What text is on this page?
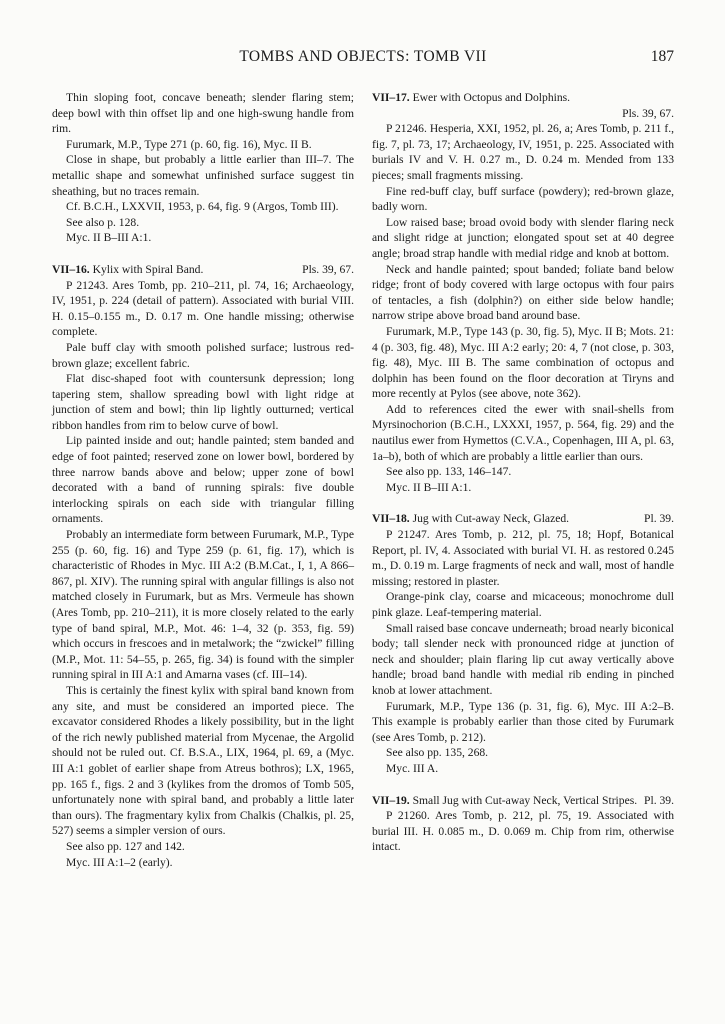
TOMBS AND OBJECTS: TOMB VII	187

Thin sloping foot, concave beneath; slender flaring stem; deep bowl with thin offset lip and one high-swung handle from rim.

Furumark, M.P., Type 271 (p. 60, fig. 16), Myc. II B.

Close in shape, but probably a little earlier than III–7. The metallic shape and somewhat unfinished surface suggest tin sheathing, but no traces remain.

Cf. B.C.H., LXXVII, 1953, p. 64, fig. 9 (Argos, Tomb III).

See also p. 128.

Myc. II B–III A:1.

Pls. 39, 67.
VII–16. Kylix with Spiral Band.

P 21243. Ares Tomb, pp. 210–211, pl. 74, 16; Archaeology, IV, 1951, p. 224 (detail of pattern). Associated with burial VIII. H. 0.15–0.155 m., D. 0.17 m. One handle missing; otherwise complete.

Pale buff clay with smooth polished surface; lustrous red-brown glaze; excellent fabric.

Flat disc-shaped foot with countersunk depression; long tapering stem, shallow spreading bowl with light ridge at junction of stem and bowl; thin lip lightly outturned; vertical ribbon handles from rim to below curve of bowl.

Lip painted inside and out; handle painted; stem banded and edge of foot painted; reserved zone on lower bowl, bordered by three narrow bands above and below; upper zone of bowl decorated with a band of running spirals: five double interlocking spirals on each side with triangular filling ornaments.

Probably an intermediate form between Furumark, M.P., Type 255 (p. 60, fig. 16) and Type 259 (p. 61, fig. 17), which is characteristic of Rhodes in Myc. III A:2 (B.M.Cat., I, 1, A 866–867, pl. XIV). The running spiral with angular fillings is also not matched closely in Furumark, but as Mrs. Vermeule has shown (Ares Tomb, pp. 210–211), it is more closely related to the early type of band spiral, M.P., Mot. 46: 1–4, 32 (p. 353, fig. 59) which occurs in frescoes and in metalwork; the “zwickel” filling (M.P., Mot. 11: 54–55, p. 265, fig. 34) is found with the simpler running spiral in III A:1 and Amarna vases (cf. III–14).

This is certainly the finest kylix with spiral band known from any site, and must be considered an imported piece. The excavator considered Rhodes a likely possibility, but in the light of the rich newly published material from Mycenae, the Argolid should not be ruled out. Cf. B.S.A., LIX, 1964, pl. 69, a (Myc. III A:1 goblet of earlier shape from Atreus bothros); LX, 1965, pp. 165 f., figs. 2 and 3 (kylikes from the dromos of Tomb 505, unfortunately none with spiral band, and probably a little later than ours). The fragmentary kylix from Chalkis (Chalkis, pl. 25, 527) seems a simpler version of ours.

See also pp. 127 and 142.

Myc. III A:1–2 (early).

VII–17. Ewer with Octopus and Dolphins.

Pls. 39, 67.

P 21246. Hesperia, XXI, 1952, pl. 26, a; Ares Tomb, p. 211 f., fig. 7, pl. 73, 17; Archaeology, IV, 1951, p. 225. Associated with burials IV and V. H. 0.27 m., D. 0.24 m. Mended from 133 pieces; small fragments missing.

Fine red-buff clay, buff surface (powdery); red-brown glaze, badly worn.

Low raised base; broad ovoid body with slender flaring neck and slight ridge at junction; elongated spout set at 40 degree angle; broad strap handle with medial ridge and knob at bottom.

Neck and handle painted; spout banded; foliate band below ridge; front of body covered with large octopus with four pairs of tentacles, a fish (dolphin?) on either side below handle; narrow stripe above broad band around base.

Furumark, M.P., Type 143 (p. 30, fig. 5), Myc. II B; Mots. 21: 4 (p. 303, fig. 48), Myc. III A:2 early; 20: 4, 7 (not close, p. 303, fig. 48), Myc. III B. The same combination of octopus and dolphin has been found on the floor decoration at Tiryns and more recently at Pylos (see above, note 362).

Add to references cited the ewer with snail-shells from Myrsinochorion (B.C.H., LXXXI, 1957, p. 564, fig. 29) and the nautilus ewer from Hymettos (C.V.A., Copenhagen, III A, pl. 63, 1a–b), both of which are probably a little earlier than ours.

See also pp. 133, 146–147.

Myc. II B–III A:1.

Pl. 39.
VII–18. Jug with Cut-away Neck, Glazed.

P 21247. Ares Tomb, p. 212, pl. 75, 18; Hopf, Botanical Report, pl. IV, 4. Associated with burial VI. H. as restored 0.245 m., D. 0.19 m. Large fragments of neck and wall, most of handle missing; restored in plaster.

Orange-pink clay, coarse and micaceous; monochrome dull pink glaze. Leaf-tempering material.

Small raised base concave underneath; broad nearly biconical body; tall slender neck with pronounced ridge at junction of neck and shoulder; plain flaring lip cut away vertically above handle; broad band handle with medial rib ending in pinched knob at lower attachment.

Furumark, M.P., Type 136 (p. 31, fig. 6), Myc. III A:2–B. This example is probably earlier than those cited by Furumark (see Ares Tomb, p. 212).

See also pp. 135, 268.

Myc. III A.

VII–19. Small Jug with Cut-away Neck, Vertical Stripes. Pl. 39.

P 21260. Ares Tomb, p. 212, pl. 75, 19. Associated with burial III. H. 0.085 m., D. 0.069 m. Chip from rim, otherwise intact.
